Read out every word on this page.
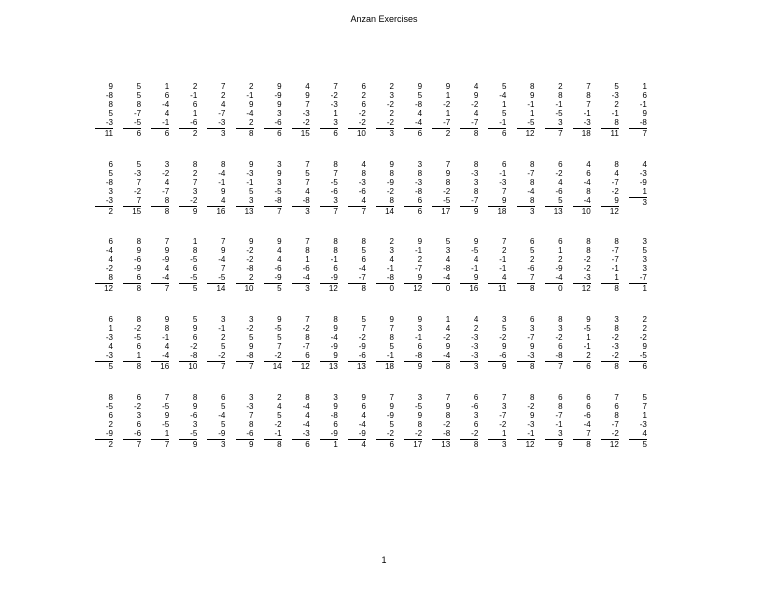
Anzan Exercises
9
-8
8
5
-3
11
5
5
8
-7
-5
6
1
6
-4
4
-1
6
2
-1
6
1
-6
2
7
2
4
-7
-3
3
2
-1
9
-4
2
8
9
-9
9
3
-6
6
4
9
7
-3
-2
15
7
-2
-3
1
3
6
6
2
6
-2
-2
10
2
3
-2
2
-2
3
9
5
-8
4
-4
6
9
1
-2
1
-7
2
4
9
-2
4
-7
8
5
-4
1
5
-1
6
8
9
-1
1
-5
12
2
8
-1
-5
3
7
7
8
7
-1
-3
18
5
-3
2
-1
8
11
1
6
-1
9
-8
7
6
5
-8
3
-3
2
5
-3
7
-2
7
15
3
-2
4
-7
8
8
8
2
7
3
-2
9
8
-4
-1
9
4
16
9
-3
-1
5
3
13
3
9
3
-5
-8
7
7
5
7
4
-8
3
8
7
-5
-6
3
7
4
8
-3
-6
4
7
9
8
-9
-2
8
14
3
8
-3
-8
6
6
7
9
8
-2
-5
17
8
-3
3
8
-7
9
6
-1
-3
7
9
18
8
-7
8
-4
8
3
6
-2
4
-6
5
13
4
6
-4
8
-4
10
8
4
-7
-2
9
12
4
-3
-9
1
3
6
-4
4
-2
8
12
8
9
-6
-9
6
8
7
9
-9
4
-4
7
1
8
-5
6
-5
5
7
9
-4
7
-5
14
9
-2
-2
-8
2
10
9
4
4
-6
-9
5
7
8
1
-6
-4
3
8
8
-1
6
-9
12
8
5
6
-4
-7
8
2
3
4
-1
-8
0
9
-1
2
-7
9
12
5
3
4
-8
-4
0
9
-5
4
-1
9
16
7
2
-1
-1
4
11
6
5
2
-6
7
8
6
1
2
-9
-4
0
8
8
-2
-2
-3
12
8
-7
-7
-1
1
8
3
5
3
3
-7
1
6
1
-3
4
-3
5
8
-2
-5
6
1
8
9
8
-1
4
-4
16
5
9
6
-2
-8
10
3
-1
2
5
-2
7
3
-2
5
9
-8
7
9
-5
5
7
-2
14
7
-2
8
-7
6
12
8
9
-4
-9
9
13
5
7
-2
-9
-6
13
9
7
8
5
-1
18
9
3
-1
6
-8
9
1
4
-2
9
-4
8
4
2
-3
-3
-3
3
3
5
-2
9
-6
9
6
3
-7
9
-3
8
8
3
-2
6
-8
7
9
-5
1
-1
2
6
3
8
-2
-3
-2
8
2
2
-2
9
-5
6
8
-5
6
2
-9
2
6
-2
3
6
-6
7
7
-5
9
-5
1
7
8
9
-6
3
-5
9
6
5
-4
5
-9
3
3
-3
7
8
-6
9
2
4
5
-2
-1
8
8
-4
4
-4
-3
6
3
9
-8
6
-9
1
9
6
4
-4
-9
4
7
9
-9
5
-2
6
3
-5
9
8
-2
17
7
9
8
-2
-8
13
6
-6
3
6
-2
8
7
3
-7
-2
1
3
8
-2
9
-3
-1
12
6
8
-7
-1
3
9
6
6
-6
-4
7
8
7
6
8
-7
-2
12
5
7
1
-3
4
5
1
